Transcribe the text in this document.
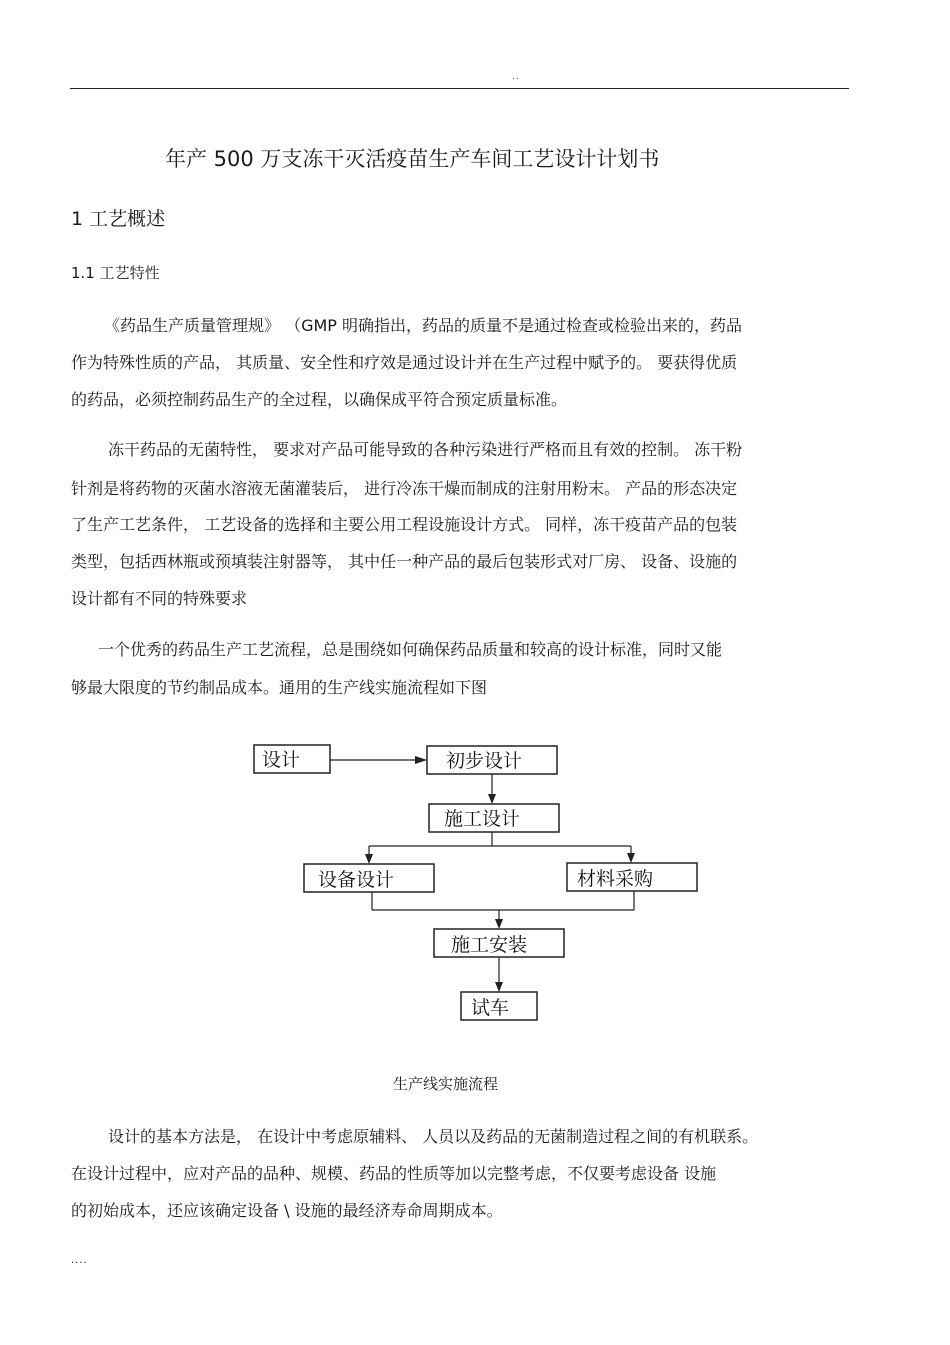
..
年产 500 万支冻干灭活疫苗生产车间工艺设计计划书
1 工艺概述
1.1 工艺特性
《药品生产质量管理规》 （GMP 明确指出，药品的质量不是通过检查或检验出来的，药品
作为特殊性质的产品， 其质量、安全性和疗效是通过设计并在生产过程中赋予的。 要获得优质
的药品，必须控制药品生产的全过程，以确保成平符合预定质量标准。
冻干药品的无菌特性， 要求对产品可能导致的各种污染进行严格而且有效的控制。 冻干粉
针剂是将药物的灭菌水溶液无菌灌装后， 进行冷冻干燥而制成的注射用粉末。 产品的形态决定
了生产工艺条件， 工艺设备的选择和主要公用工程设施设计方式。 同样，冻干疫苗产品的包装
类型，包括西林瓶或预填装注射器等， 其中任一种产品的最后包装形式对厂房、 设备、设施的
设计都有不同的特殊要求
一个优秀的药品生产工艺流程，总是围绕如何确保药品质量和较高的设计标准，同时又能
够最大限度的节约制品成本。通用的生产线实施流程如下图
设计	初步设计
施工设计
设备设计	材料采购
施工安装
试车
生产线实施流程
设计的基本方法是， 在设计中考虑原辅料、 人员以及药品的无菌制造过程之间的有机联系。
在设计过程中，应对产品的品种、规模、药品的性质等加以完整考虑，不仅要考虑设备 设施
的初始成本，还应该确定设备 \ 设施的最经济寿命周期成本。
....
